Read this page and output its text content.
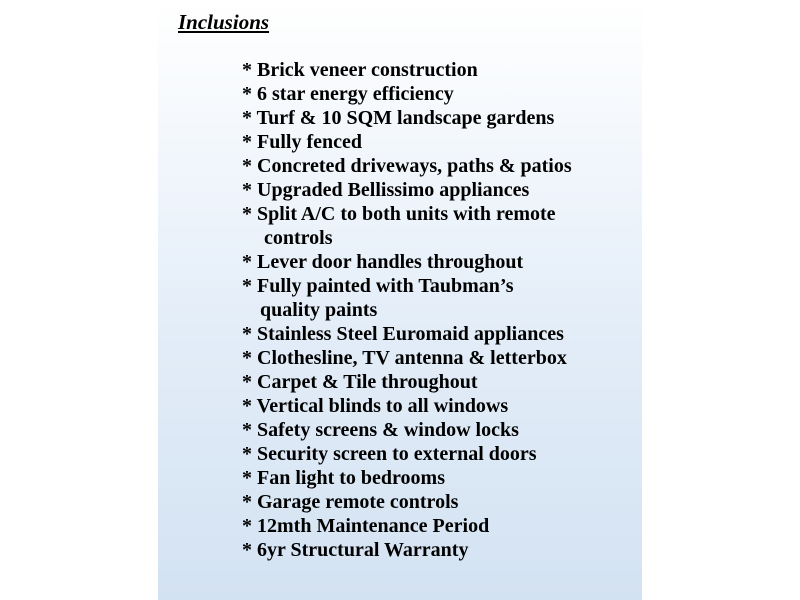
Inclusions
* Brick veneer construction
* 6 star energy efficiency
* Turf & 10 SQM landscape gardens
* Fully fenced
* Concreted driveways, paths & patios
* Upgraded Bellissimo appliances
* Split A/C to both units with remote
controls
* Lever door handles throughout
* Fully painted with Taubman’s
quality paints
* Stainless Steel Euromaid appliances
* Clothesline, TV antenna & letterbox
* Carpet & Tile throughout
* Vertical blinds to all windows
* Safety screens & window locks
* Security screen to external doors
* Fan light to bedrooms
* Garage remote controls
* 12mth Maintenance Period
* 6yr Structural Warranty
